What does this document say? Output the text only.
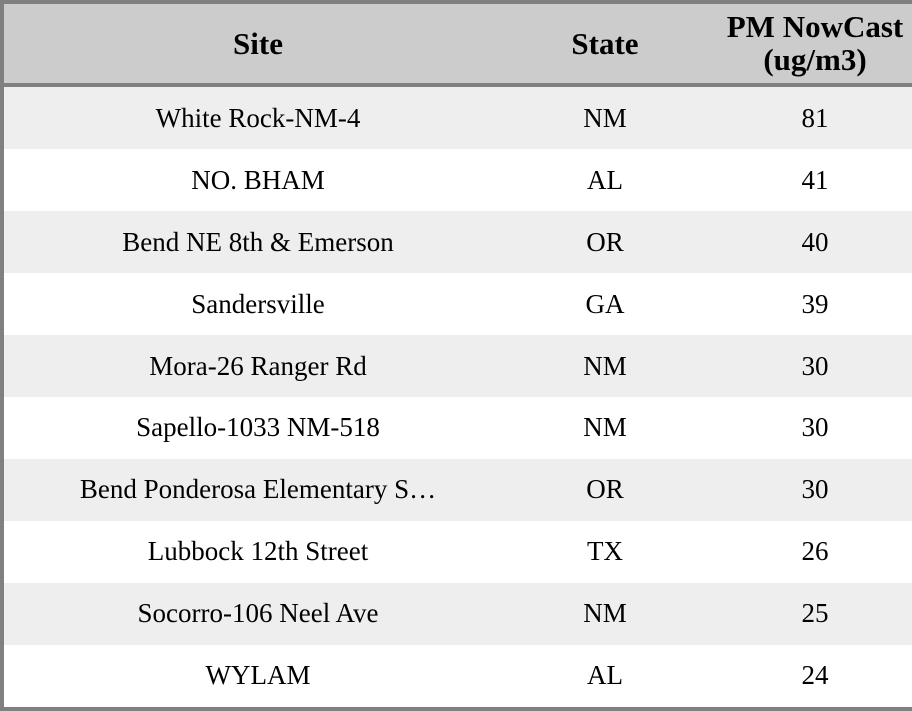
Site	State	PM NowCast (ug/m3)
White Rock-NM-4	NM	81
NO. BHAM	AL	41
Bend NE 8th & Emerson	OR	40
Sandersville	GA	39
Mora-26 Ranger Rd	NM	30
Sapello-1033 NM-518	NM	30
Bend Ponderosa Elementary S…	OR	30
Lubbock 12th Street	TX	26
Socorro-106 Neel Ave	NM	25
WYLAM	AL	24
